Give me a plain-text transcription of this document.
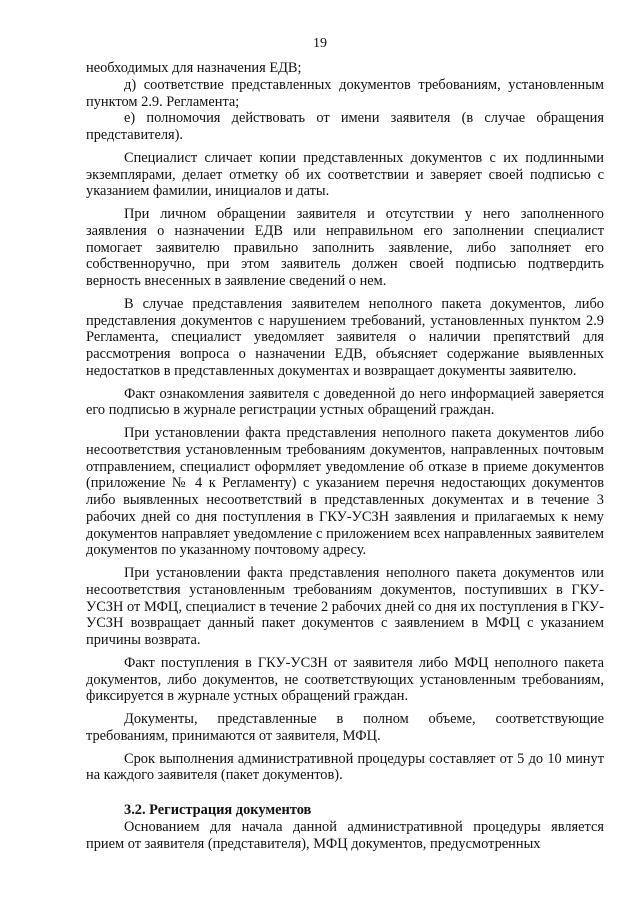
19

необходимых для назначения ЕДВ;

д) соответствие представленных документов требованиям, установленным пунктом 2.9. Регламента;

е) полномочия действовать от имени заявителя (в случае обращения представителя).

Специалист сличает копии представленных документов с их подлинными экземплярами, делает отметку об их соответствии и заверяет своей подписью с указанием фамилии, инициалов и даты.

При личном обращении заявителя и отсутствии у него заполненного заявления о назначении ЕДВ или неправильном его заполнении специалист помогает заявителю правильно заполнить заявление, либо заполняет его собственноручно, при этом заявитель должен своей подписью подтвердить верность внесенных в заявление сведений о нем.

В случае представления заявителем неполного пакета документов, либо представления документов с нарушением требований, установленных пунктом 2.9 Регламента, специалист уведомляет заявителя о наличии препятствий для рассмотрения вопроса о назначении ЕДВ, объясняет содержание выявленных недостатков в представленных документах и возвращает документы заявителю.

Факт ознакомления заявителя с доведенной до него информацией заверяется его подписью в журнале регистрации устных обращений граждан.

При установлении факта представления неполного пакета документов либо несоответствия установленным требованиям документов, направленных почтовым отправлением, специалист оформляет уведомление об отказе в приеме документов (приложение № 4 к Регламенту) с указанием перечня недостающих документов либо выявленных несоответствий в представленных документах и в течение 3 рабочих дней со дня поступления в ГКУ-УСЗН заявления и прилагаемых к нему документов направляет уведомление с приложением всех направленных заявителем документов по указанному почтовому адресу.

При установлении факта представления неполного пакета документов или несоответствия установленным требованиям документов, поступивших в ГКУ-УСЗН от МФЦ, специалист в течение 2 рабочих дней со дня их поступления в ГКУ-УСЗН возвращает данный пакет документов с заявлением в МФЦ с указанием причины возврата.

Факт поступления в ГКУ-УСЗН от заявителя либо МФЦ неполного пакета документов, либо документов, не соответствующих установленным требованиям, фиксируется в журнале устных обращений граждан.

Документы, представленные в полном объеме, соответствующие требованиям, принимаются от заявителя, МФЦ.

Срок выполнения административной процедуры составляет от 5 до 10 минут на каждого заявителя (пакет документов).

3.2. Регистрация документов

Основанием для начала данной административной процедуры является прием от заявителя (представителя), МФЦ документов, предусмотренных
